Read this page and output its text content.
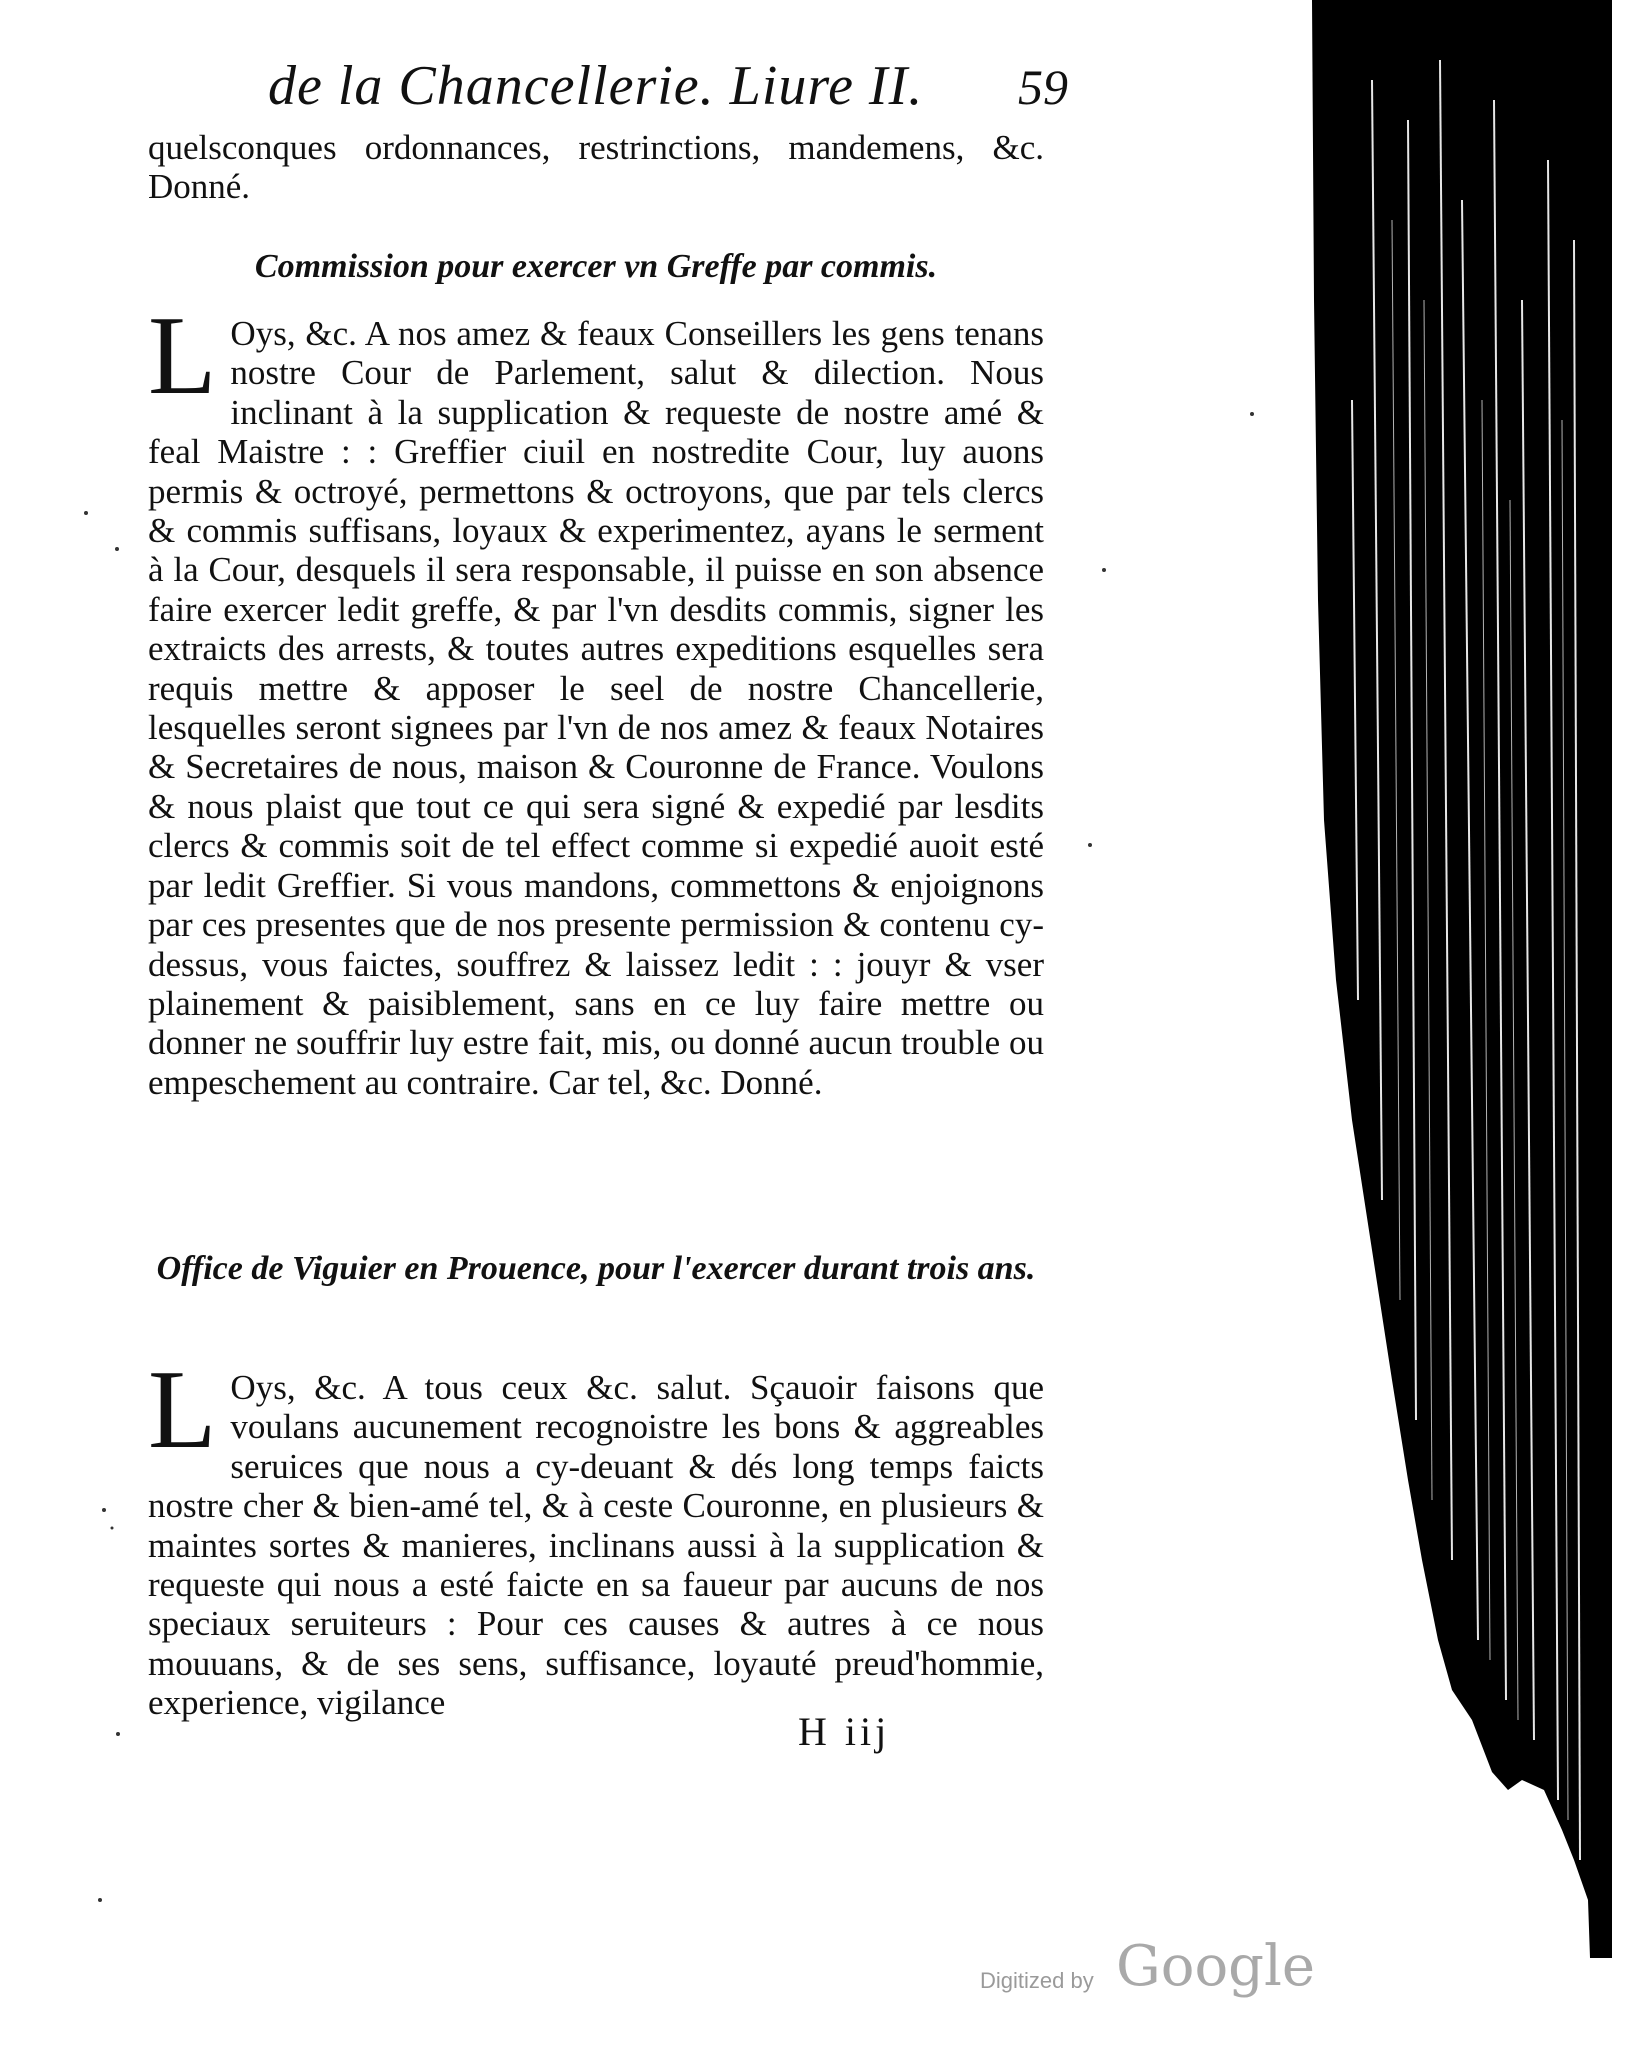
de la Chancellerie. Liure II. 59

quelsconques ordonnances, restrinctions, mandemens, &c. Donné.

Commission pour exercer vn Greffe par commis.

L Oys, &c. A nos amez & feaux Conseillers les gens tenans nostre Cour de Parlement, salut & dilection. Nous inclinant à la supplication & requeste de nostre amé & feal Maistre : : Greffier ciuil en nostredite Cour, luy auons permis & octroyé, permettons & octroyons, que par tels clercs & commis suffisans, loyaux & experimentez, ayans le serment à la Cour, desquels il sera responsable, il puisse en son absence faire exercer ledit greffe, & par l'vn desdits commis, signer les extraicts des arrests, & toutes autres expeditions esquelles sera requis mettre & apposer le seel de nostre Chancellerie, lesquelles seront signees par l'vn de nos amez & feaux Notaires & Secretaires de nous, maison & Couronne de France. Voulons & nous plaist que tout ce qui sera signé & expedié par lesdits clercs & commis soit de tel effect comme si expedié auoit esté par ledit Greffier. Si vous mandons, commettons & enjoignons par ces presentes que de nos presente permission & contenu cy-dessus, vous faictes, souffrez & laissez ledit : : jouyr & vser plainement & paisiblement, sans en ce luy faire mettre ou donner ne souffrir luy estre fait, mis, ou donné aucun trouble ou empeschement au contraire. Car tel, &c. Donné.

Office de Viguier en Prouence, pour l'exercer durant trois ans.

L Oys, &c. A tous ceux &c. salut. Sçauoir faisons que voulans aucunement recognoistre les bons & aggreables seruices que nous a cy-deuant & dés long temps faicts nostre cher & bien-amé tel, & à ceste Couronne, en plusieurs & maintes sortes & manieres, inclinans aussi à la supplication & requeste qui nous a esté faicte en sa faueur par aucuns de nos speciaux seruiteurs : Pour ces causes & autres à ce nous mouuans, & de ses sens, suffisance, loyauté preud'hommie, experience, vigilance

H iij
Digitized by Google
